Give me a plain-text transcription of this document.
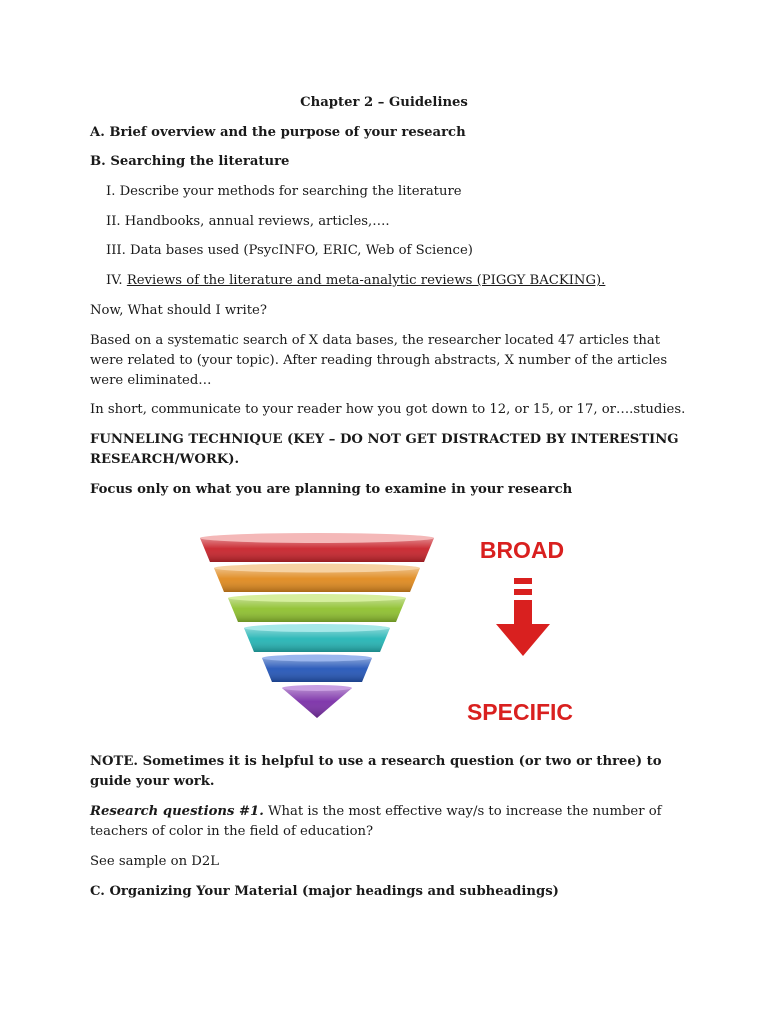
Chapter 2 – Guidelines
A. Brief overview and the purpose of your research
B. Searching the literature
I. Describe your methods for searching the literature
II. Handbooks, annual reviews, articles,….
III. Data bases used (PsycINFO, ERIC, Web of Science)
IV. Reviews of the literature and meta-analytic reviews (PIGGY BACKING).
Now, What should I write?
Based on a systematic search of X data bases, the researcher located 47 articles that were related to (your topic). After reading through abstracts, X number of the articles were eliminated…
In short, communicate to your reader how you got down to 12, or 15, or 17, or….studies.
FUNNELING TECHNIQUE (KEY – DO NOT GET DISTRACTED BY INTERESTING RESEARCH/WORK).
Focus only on what you are planning to examine in your research
BROAD
SPECIFIC
NOTE. Sometimes it is helpful to use a research question (or two or three) to guide your work.
Research questions #1. What is the most effective way/s to increase the number of teachers of color in the field of education?
See sample on D2L
C. Organizing Your Material (major headings and subheadings)
